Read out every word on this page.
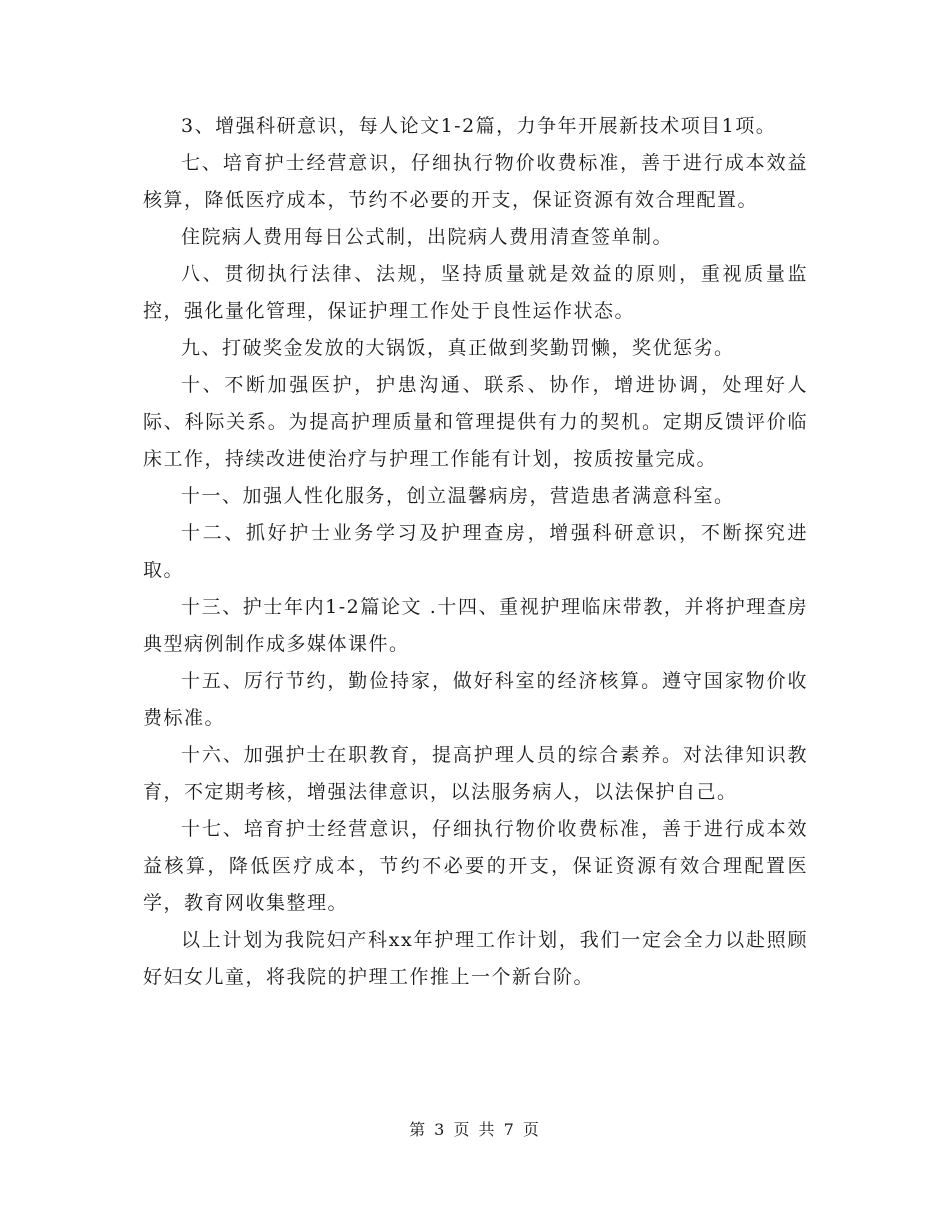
3、增强科研意识，每人论文1-2篇，力争年开展新技术项目1项。

七、培育护士经营意识，仔细执行物价收费标准，善于进行成本效益核算，降低医疗成本，节约不必要的开支，保证资源有效合理配置。

住院病人费用每日公式制，出院病人费用清查签单制。

八、贯彻执行法律、法规，坚持质量就是效益的原则，重视质量监控，强化量化管理，保证护理工作处于良性运作状态。

九、打破奖金发放的大锅饭，真正做到奖勤罚懒，奖优惩劣。

十、不断加强医护，护患沟通、联系、协作，增进协调，处理好人际、科际关系。为提高护理质量和管理提供有力的契机。定期反馈评价临床工作，持续改进使治疗与护理工作能有计划，按质按量完成。

十一、加强人性化服务，创立温馨病房，营造患者满意科室。

十二、抓好护士业务学习及护理查房，增强科研意识，不断探究进取。

十三、护士年内1-2篇论文 .十四、重视护理临床带教，并将护理查房典型病例制作成多媒体课件。

十五、厉行节约，勤俭持家，做好科室的经济核算。遵守国家物价收费标准。

十六、加强护士在职教育，提高护理人员的综合素养。对法律知识教育，不定期考核，增强法律意识，以法服务病人，以法保护自己。

十七、培育护士经营意识，仔细执行物价收费标准，善于进行成本效益核算，降低医疗成本，节约不必要的开支，保证资源有效合理配置医学，教育网收集整理。

以上计划为我院妇产科xx年护理工作计划，我们一定会全力以赴照顾好妇女儿童，将我院的护理工作推上一个新台阶。

第 3 页 共 7 页
